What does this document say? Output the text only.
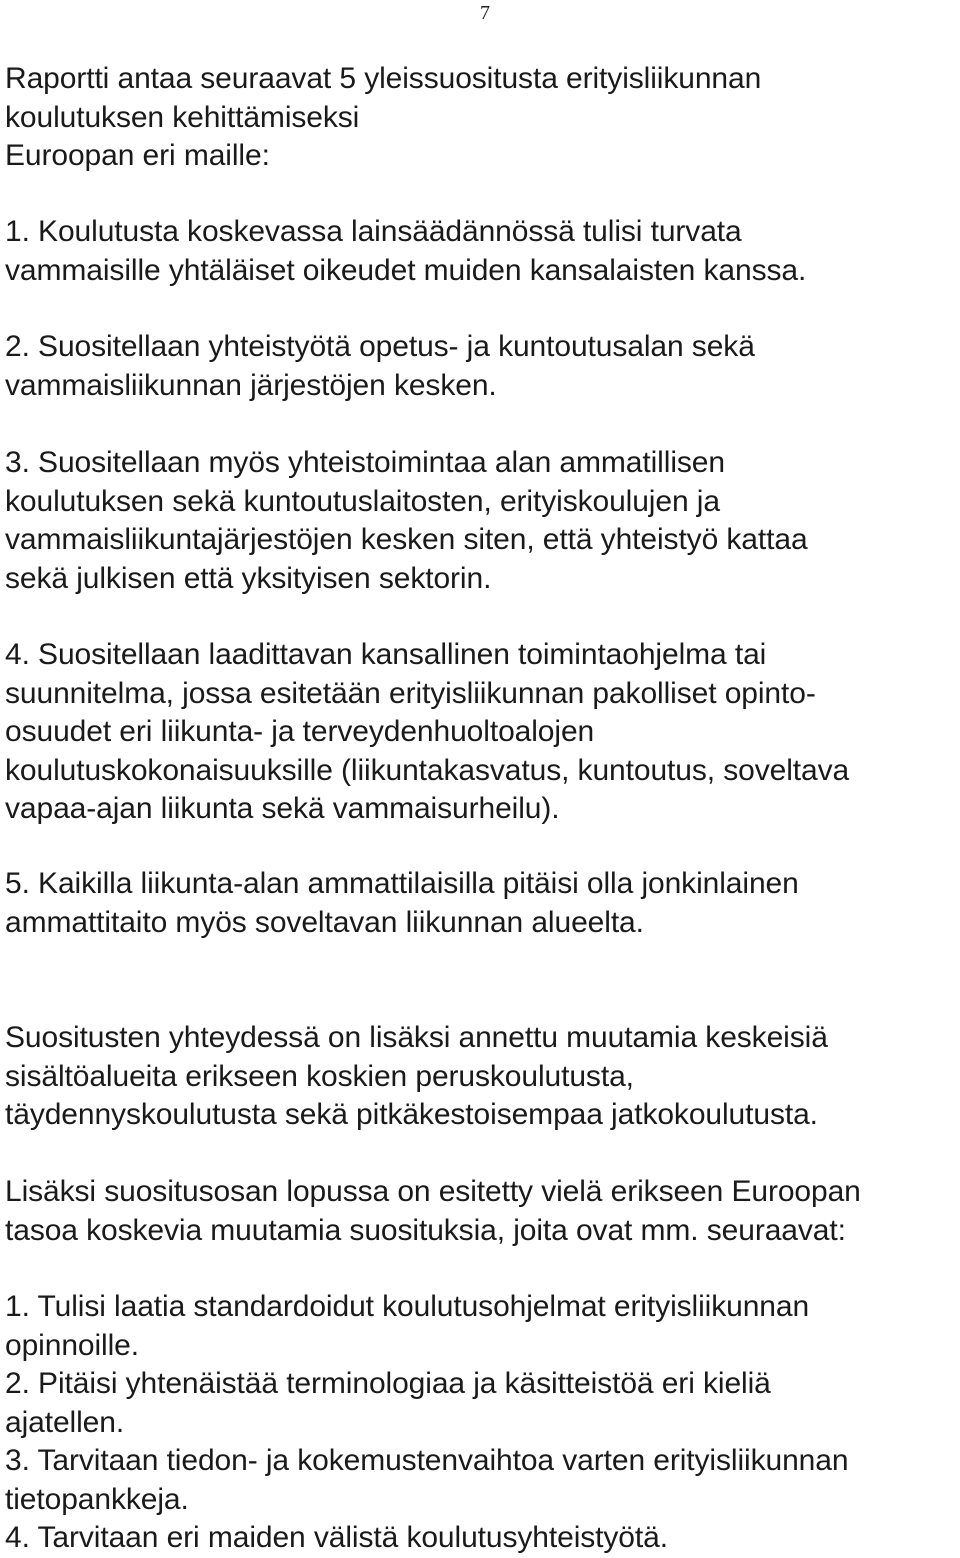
7
Raportti antaa seuraavat 5 yleissuositusta erityisliikunnan
koulutuksen kehittämiseksi
Euroopan eri maille:
1. Koulutusta koskevassa lainsäädännössä tulisi turvata
vammaisille yhtäläiset oikeudet muiden kansalaisten kanssa.
2. Suositellaan yhteistyötä opetus- ja kuntoutusalan sekä
vammaisliikunnan järjestöjen kesken.
3. Suositellaan myös yhteistoimintaa alan ammatillisen
koulutuksen sekä kuntoutuslaitosten, erityiskoulujen ja
vammaisliikuntajärjestöjen kesken siten, että yhteistyö kattaa
sekä julkisen että yksityisen sektorin.
4. Suositellaan laadittavan kansallinen toimintaohjelma tai
suunnitelma, jossa esitetään erityisliikunnan pakolliset opinto-
osuudet eri liikunta- ja terveydenhuoltoalojen
koulutuskokonaisuuksille (liikuntakasvatus, kuntoutus, soveltava
vapaa-ajan liikunta sekä vammaisurheilu).
5. Kaikilla liikunta-alan ammattilaisilla pitäisi olla jonkinlainen
ammattitaito myös soveltavan liikunnan alueelta.
Suositusten yhteydessä on lisäksi annettu muutamia keskeisiä
sisältöalueita erikseen koskien peruskoulutusta,
täydennyskoulutusta sekä pitkäkestoisempaa jatkokoulutusta.
Lisäksi suositusosan lopussa on esitetty vielä erikseen Euroopan
tasoa koskevia muutamia suosituksia, joita ovat mm. seuraavat:
1. Tulisi laatia standardoidut koulutusohjelmat erityisliikunnan
opinnoille.
2. Pitäisi yhtenäistää terminologiaa ja käsitteistöä eri kieliä
ajatellen.
3. Tarvitaan tiedon- ja kokemustenvaihtoa varten erityisliikunnan
tietopankkeja.
4. Tarvitaan eri maiden välistä koulutusyhteistyötä.
